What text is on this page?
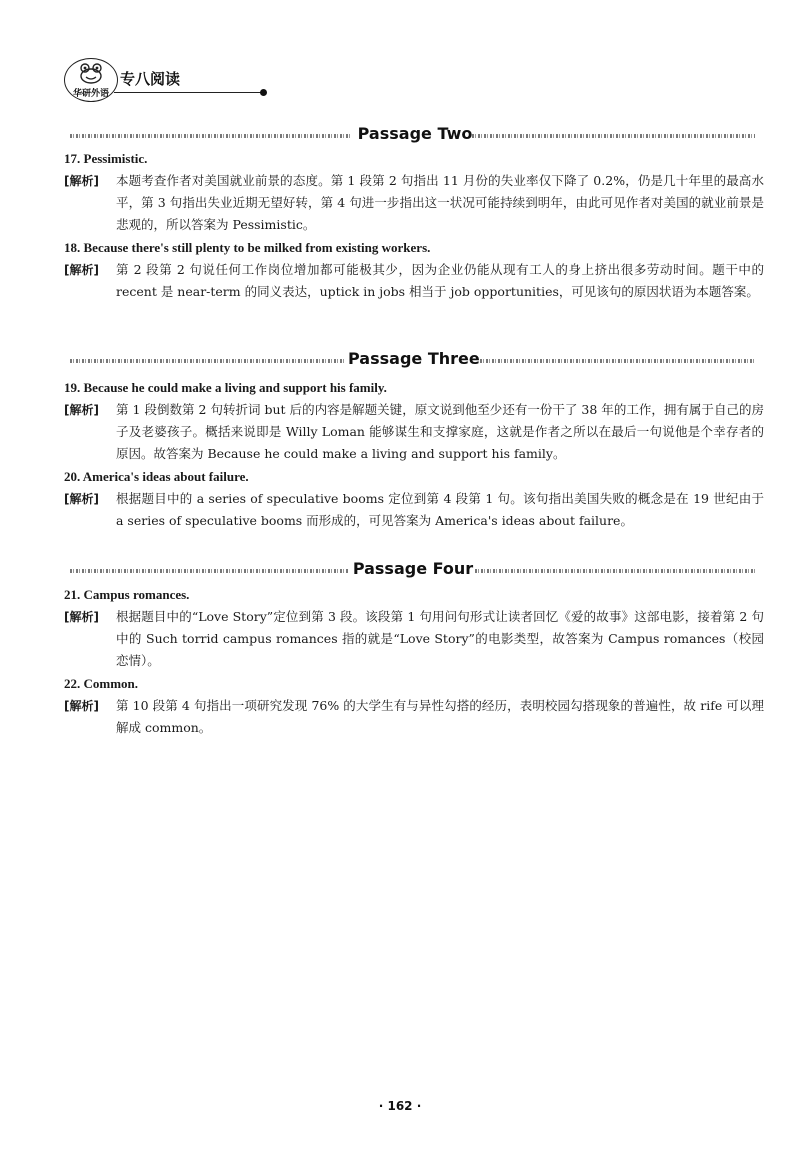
华研外语
专八阅读
Passage Two
17. Pessimistic.
[解析] 本题考查作者对美国就业前景的态度。第 1 段第 2 句指出 11 月份的失业率仅下降了 0.2%，仍是几十年里的最高水平，第 3 句指出失业近期无望好转，第 4 句进一步指出这一状况可能持续到明年，由此可见作者对美国的就业前景是悲观的，所以答案为 Pessimistic。
18. Because there's still plenty to be milked from existing workers.
[解析] 第 2 段第 2 句说任何工作岗位增加都可能极其少，因为企业仍能从现有工人的身上挤出很多劳动时间。题干中的 recent 是 near-term 的同义表达，uptick in jobs 相当于 job opportunities，可见该句的原因状语为本题答案。
Passage Three
19. Because he could make a living and support his family.
[解析] 第 1 段倒数第 2 句转折词 but 后的内容是解题关键，原文说到他至少还有一份干了 38 年的工作，拥有属于自己的房子及老婆孩子。概括来说即是 Willy Loman 能够谋生和支撑家庭，这就是作者之所以在最后一句说他是个幸存者的原因。故答案为 Because he could make a living and support his family。
20. America's ideas about failure.
[解析] 根据题目中的 a series of speculative booms 定位到第 4 段第 1 句。该句指出美国失败的概念是在 19 世纪由于 a series of speculative booms 而形成的，可见答案为 America's ideas about failure。
Passage Four
21. Campus romances.
[解析] 根据题目中的“Love Story”定位到第 3 段。该段第 1 句用问句形式让读者回忆《爱的故事》这部电影，接着第 2 句中的 Such torrid campus romances 指的就是“Love Story”的电影类型，故答案为 Campus romances（校园恋情）。
22. Common.
[解析] 第 10 段第 4 句指出一项研究发现 76% 的大学生有与异性勾搭的经历，表明校园勾搭现象的普遍性，故 rife 可以理解成 common。
· 162 ·
